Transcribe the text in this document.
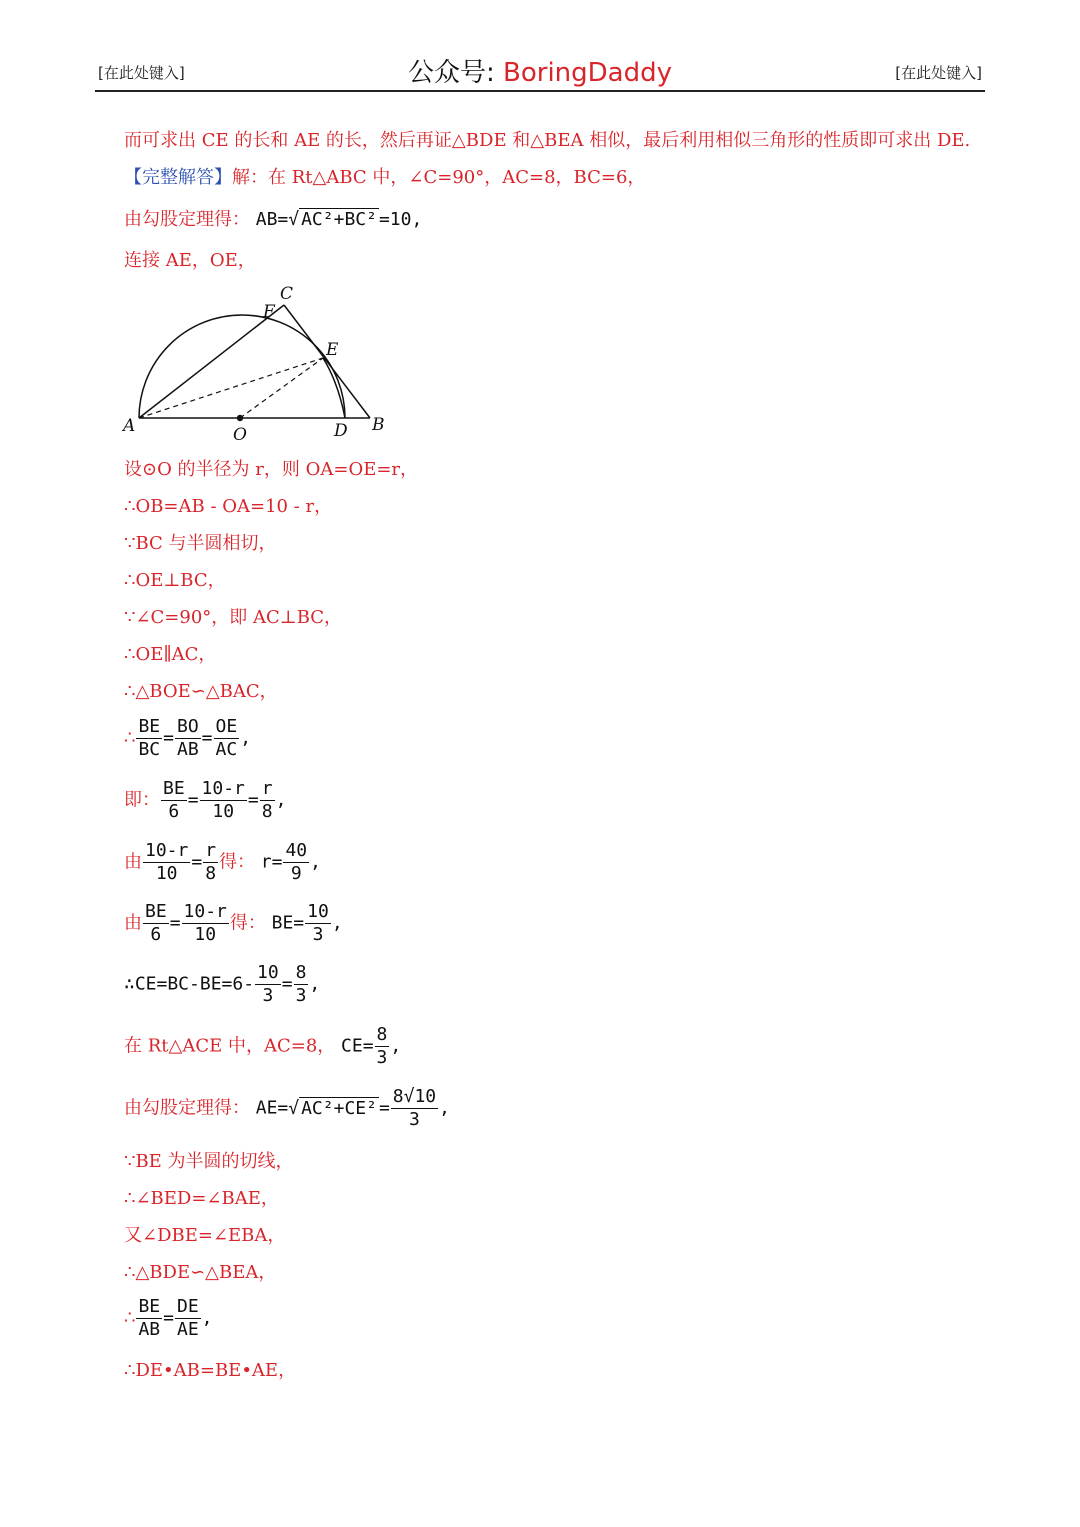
[在此处键入]	公众号: BoringDaddy	[在此处键入]
而可求出 CE 的长和 AE 的长，然后再证△BDE 和△BEA 相似，最后利用相似三角形的性质即可求出 DE.
【完整解答】解：在 Rt△ABC 中，∠C=90°，AC=8，BC=6，
由勾股定理得： AB=√ AC²+BC² =10,
连接 AE，OE，
设⊙O 的半径为 r，则 OA=OE=r，
∴OB=AB - OA=10 - r，
∵BC 与半圆相切，
∴OE⊥BC，
∵∠C=90°，即 AC⊥BC，
∴OE∥AC，
∴△BOE∽△BAC，
∴ $\frac{BE}{BC} = \frac{BO}{AB} = \frac{OE}{AC}$ ,
即： $\frac{BE}{6} = \frac{10-r}{10} = \frac{r}{8}$ ,
由 $\frac{10-r}{10} = \frac{r}{8}$ 得： $r= \frac{40}{9}$ ,
由 $\frac{BE}{6} = \frac{10-r}{10}$ 得： $BE= \frac{10}{3}$ ,
∴CE=BC-BE=6- $\frac{10}{3} = \frac{8}{3}$ ,
在 Rt△ACE 中，AC=8， $CE= \frac{8}{3}$ ,
由勾股定理得： AE=√ $AC^2+CE^2 = \frac{8√10}{3}$ ,
∵BE 为半圆的切线，
∴∠BED=∠BAE，
又∠DBE=∠EBA，
∴△BDE∽△BEA，
∴ $\frac{BE}{AB} = \frac{DE}{AE}$ ,
∴DE•AB=BE•AE，
A	O	D B
C
E
F
